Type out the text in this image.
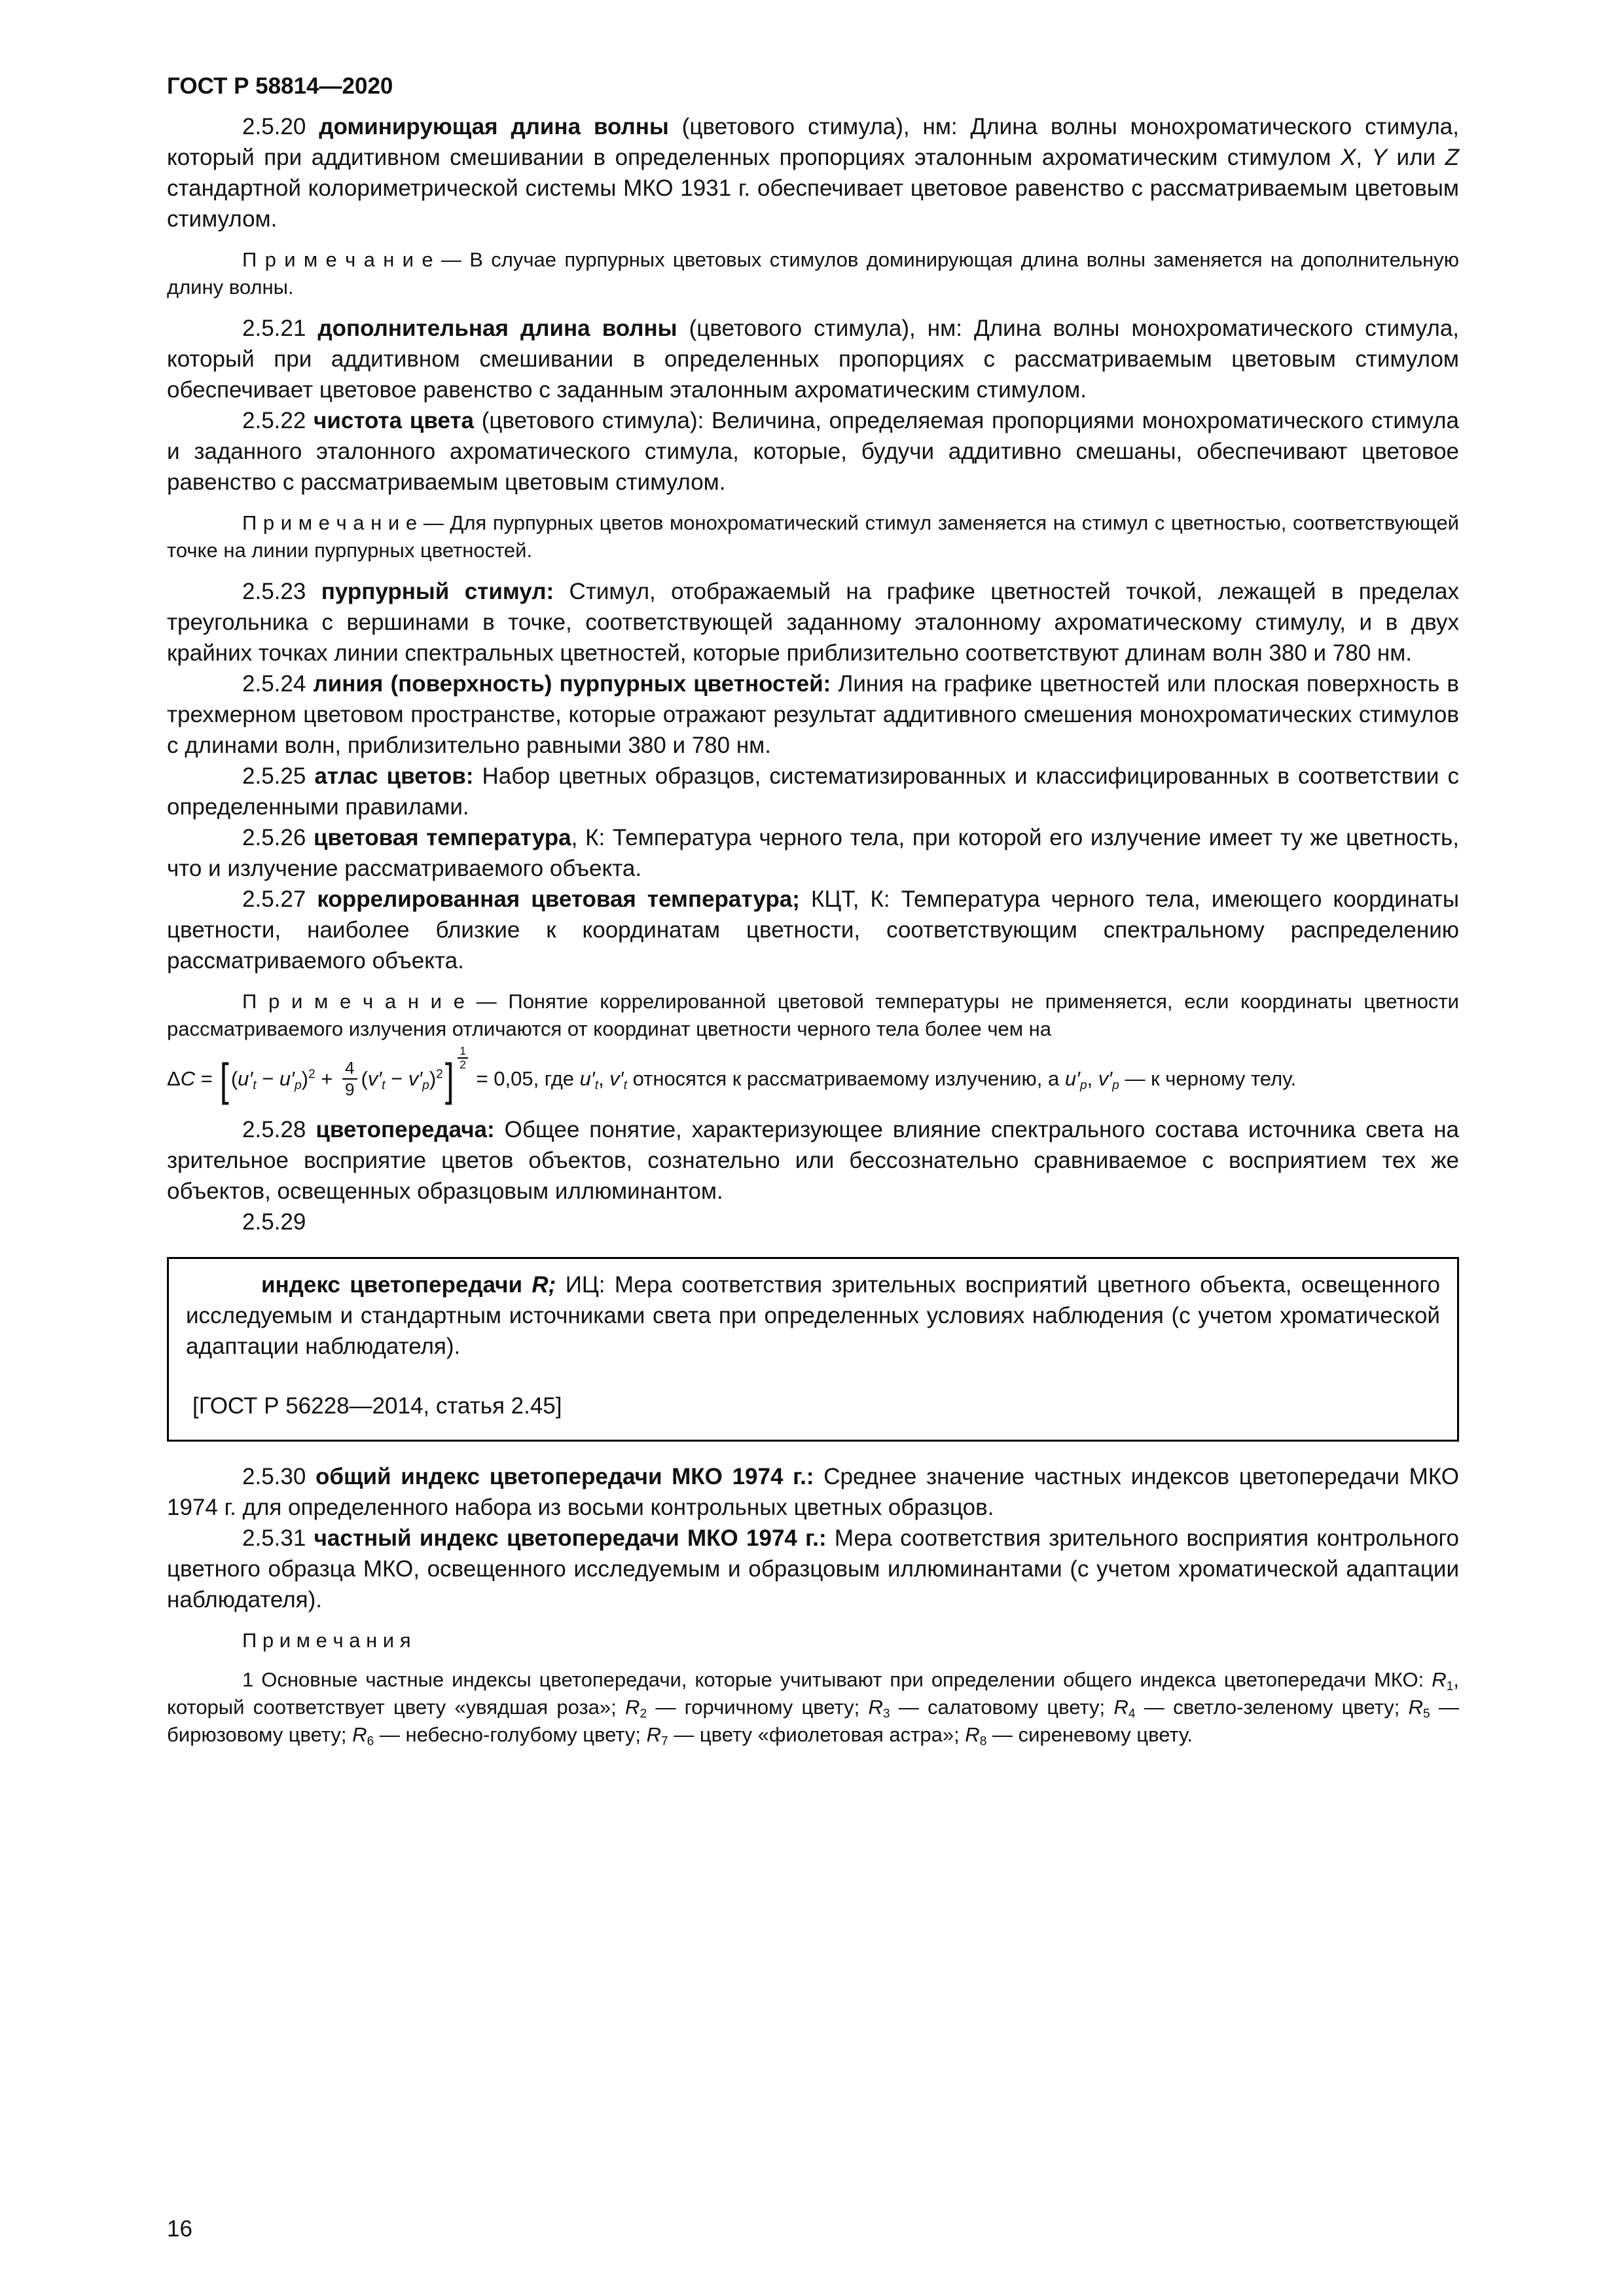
ГОСТ Р 58814—2020

2.5.20 доминирующая длина волны (цветового стимула), нм: Длина волны монохроматического стимула, который при аддитивном смешивании в определенных пропорциях эталонным ахроматическим стимулом X, Y или Z стандартной колориметрической системы МКО 1931 г. обеспечивает цветовое равенство с рассматриваемым цветовым стимулом.

П р и м е ч а н и е — В случае пурпурных цветовых стимулов доминирующая длина волны заменяется на дополнительную длину волны.

2.5.21 дополнительная длина волны (цветового стимула), нм: Длина волны монохроматического стимула, который при аддитивном смешивании в определенных пропорциях с рассматриваемым цветовым стимулом обеспечивает цветовое равенство с заданным эталонным ахроматическим стимулом.

2.5.22 чистота цвета (цветового стимула): Величина, определяемая пропорциями монохроматического стимула и заданного эталонного ахроматического стимула, которые, будучи аддитивно смешаны, обеспечивают цветовое равенство с рассматриваемым цветовым стимулом.

П р и м е ч а н и е — Для пурпурных цветов монохроматический стимул заменяется на стимул с цветностью, соответствующей точке на линии пурпурных цветностей.

2.5.23 пурпурный стимул: Стимул, отображаемый на графике цветностей точкой, лежащей в пределах треугольника с вершинами в точке, соответствующей заданному эталонному ахроматическому стимулу, и в двух крайних точках линии спектральных цветностей, которые приблизительно соответствуют длинам волн 380 и 780 нм.

2.5.24 линия (поверхность) пурпурных цветностей: Линия на графике цветностей или плоская поверхность в трехмерном цветовом пространстве, которые отражают результат аддитивного смешения монохроматических стимулов с длинами волн, приблизительно равными 380 и 780 нм.

2.5.25 атлас цветов: Набор цветных образцов, систематизированных и классифицированных в соответствии с определенными правилами.

2.5.26 цветовая температура, К: Температура черного тела, при которой его излучение имеет ту же цветность, что и излучение рассматриваемого объекта.

2.5.27 коррелированная цветовая температура; КЦТ, К: Температура черного тела, имеющего координаты цветности, наиболее близкие к координатам цветности, соответствующим спектральному распределению рассматриваемого объекта.

П р и м е ч а н и е — Понятие коррелированной цветовой температуры не применяется, если координаты цветности рассматриваемого излучения отличаются от координат цветности черного тела более чем на

$\Delta C = [(u'_t - u'_p)^2 + \frac{4}{9} (v'_t - v'_p)^2] \frac{1}{2}$
= 0,05, где $u'_t$, $v'_t$ относятся к рассматриваемому излучению, а $u'_p$, $v'_p$ — к черному телу.

2.5.28 цветопередача: Общее понятие, характеризующее влияние спектрального состава источника света на зрительное восприятие цветов объектов, сознательно или бессознательно сравниваемое с восприятием тех же объектов, освещенных образцовым иллюминантом.

2.5.29

индекс цветопередачи R; ИЦ: Мера соответствия зрительных восприятий цветного объекта, освещенного исследуемым и стандартным источниками света при определенных условиях наблюдения (с учетом хроматической адаптации наблюдателя).

[ГОСТ Р 56228—2014, статья 2.45]

2.5.30 общий индекс цветопередачи МКО 1974 г.: Среднее значение частных индексов цветопередачи МКО 1974 г. для определенного набора из восьми контрольных цветных образцов.

2.5.31 частный индекс цветопередачи МКО 1974 г.: Мера соответствия зрительного восприятия контрольного цветного образца МКО, освещенного исследуемым и образцовым иллюминантами (с учетом хроматической адаптации наблюдателя).

П р и м е ч а н и я

1 Основные частные индексы цветопередачи, которые учитывают при определении общего индекса цветопередачи МКО: $R_1$, который соответствует цвету «увядшая роза»; $R_2$ — горчичному цвету; $R_3$ — салатовому цвету; $R_4$ — светло-зеленому цвету; $R_5$ — бирюзовому цвету; $R_6$ — небесно-голубому цвету; $R_7$ — цвету «фиолетовая астра»; $R_8$ — сиреневому цвету.

16
